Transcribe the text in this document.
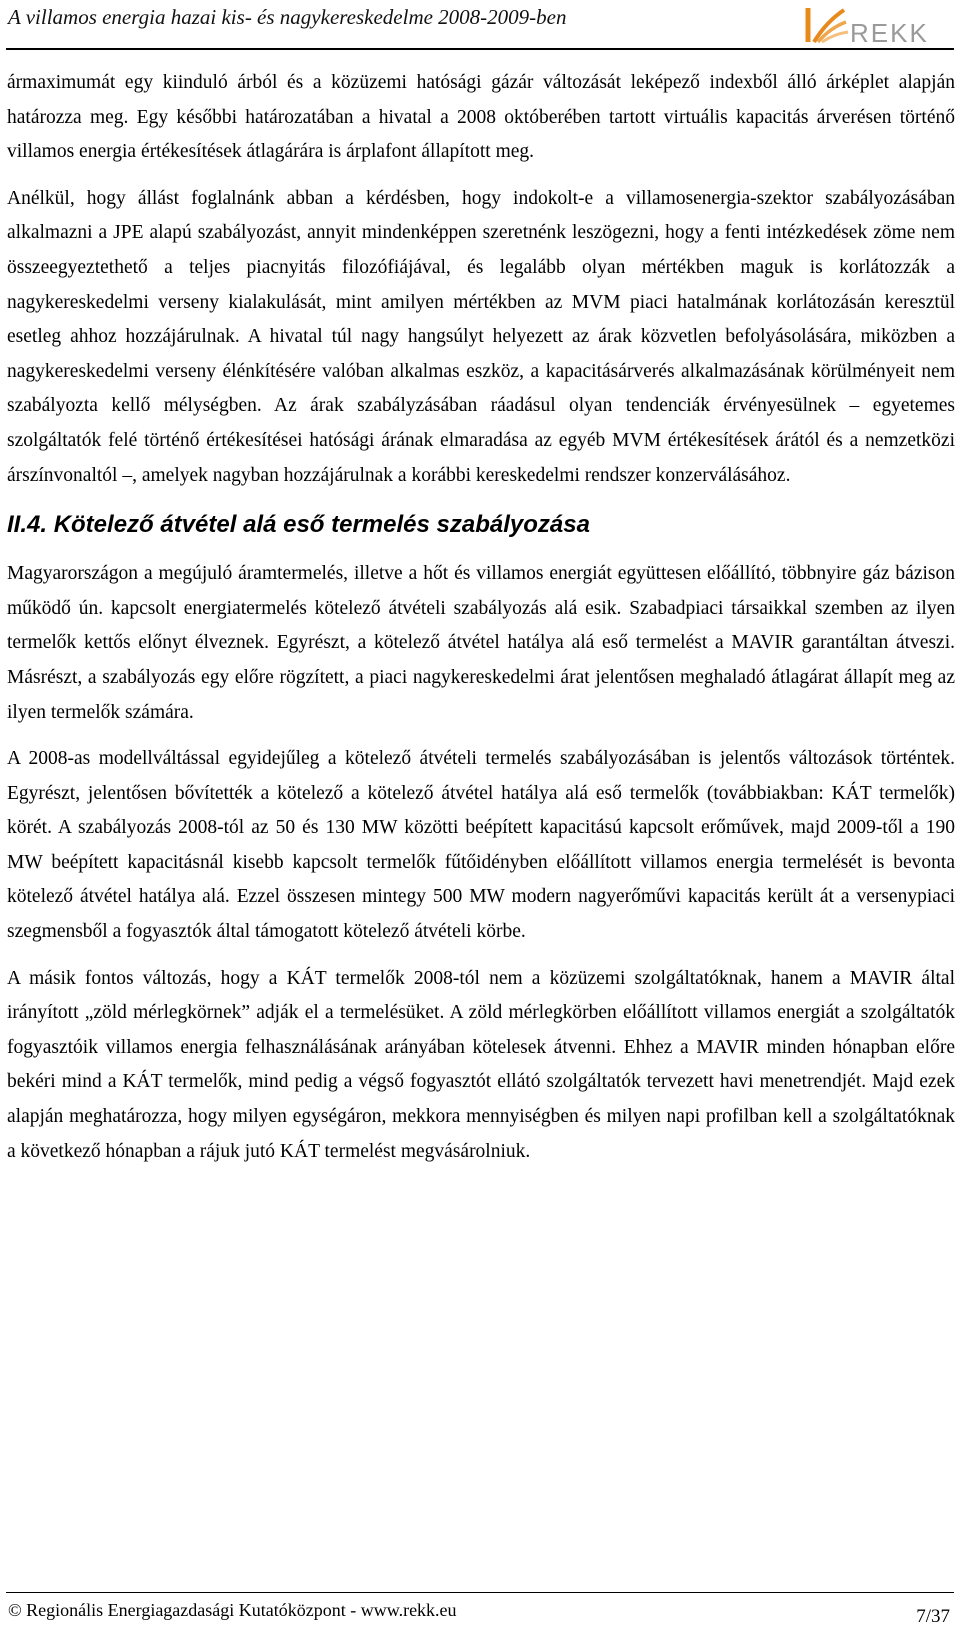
A villamos energia hazai kis- és nagykereskedelme 2008-2009-ben
REKK

ármaximumát egy kiinduló árból és a közüzemi hatósági gázár változását leképező indexből álló árképlet alapján határozza meg. Egy későbbi határozatában a hivatal a 2008 októberében tartott virtuális kapacitás árverésen történő villamos energia értékesítések átlagárára is árplafont állapított meg.

Anélkül, hogy állást foglalnánk abban a kérdésben, hogy indokolt-e a villamosenergia-szektor szabályozásában alkalmazni a JPE alapú szabályozást, annyit mindenképpen szeretnénk leszögezni, hogy a fenti intézkedések zöme nem összeegyeztethető a teljes piacnyitás filozófiájával, és legalább olyan mértékben maguk is korlátozzák a nagykereskedelmi verseny kialakulását, mint amilyen mértékben az MVM piaci hatalmának korlátozásán keresztül esetleg ahhoz hozzájárulnak. A hivatal túl nagy hangsúlyt helyezett az árak közvetlen befolyásolására, miközben a nagykereskedelmi verseny élénkítésére valóban alkalmas eszköz, a kapacitásárverés alkalmazásának körülményeit nem szabályozta kellő mélységben. Az árak szabályzásában ráadásul olyan tendenciák érvényesülnek – egyetemes szolgáltatók felé történő értékesítései hatósági árának elmaradása az egyéb MVM értékesítések árától és a nemzetközi árszínvonaltól –, amelyek nagyban hozzájárulnak a korábbi kereskedelmi rendszer konzerválásához.

II.4. Kötelező átvétel alá eső termelés szabályozása

Magyarországon a megújuló áramtermelés, illetve a hőt és villamos energiát együttesen előállító, többnyire gáz bázison működő ún. kapcsolt energiatermelés kötelező átvételi szabályozás alá esik. Szabadpiaci társaikkal szemben az ilyen termelők kettős előnyt élveznek. Egyrészt, a kötelező átvétel hatálya alá eső termelést a MAVIR garantáltan átveszi. Másrészt, a szabályozás egy előre rögzített, a piaci nagykereskedelmi árat jelentősen meghaladó átlagárat állapít meg az ilyen termelők számára.

A 2008-as modellváltással egyidejűleg a kötelező átvételi termelés szabályozásában is jelentős változások történtek. Egyrészt, jelentősen bővítették a kötelező a kötelező átvétel hatálya alá eső termelők (továbbiakban: KÁT termelők) körét. A szabályozás 2008-tól az 50 és 130 MW közötti beépített kapacitású kapcsolt erőművek, majd 2009-től a 190 MW beépített kapacitásnál kisebb kapcsolt termelők fűtőidényben előállított villamos energia termelését is bevonta kötelező átvétel hatálya alá. Ezzel összesen mintegy 500 MW modern nagyerőművi kapacitás került át a versenypiaci szegmensből a fogyasztók által támogatott kötelező átvételi körbe.

A másik fontos változás, hogy a KÁT termelők 2008-tól nem a közüzemi szolgáltatóknak, hanem a MAVIR által irányított „zöld mérlegkörnek” adják el a termelésüket. A zöld mérlegkörben előállított villamos energiát a szolgáltatók fogyasztóik villamos energia felhasználásának arányában kötelesek átvenni. Ehhez a MAVIR minden hónapban előre bekéri mind a KÁT termelők, mind pedig a végső fogyasztót ellátó szolgáltatók tervezett havi menetrendjét. Majd ezek alapján meghatározza, hogy milyen egységáron, mekkora mennyiségben és milyen napi profilban kell a szolgáltatóknak a következő hónapban a rájuk jutó KÁT termelést megvásárolniuk.

© Regionális Energiagazdasági Kutatóközpont - www.rekk.eu	7/37
